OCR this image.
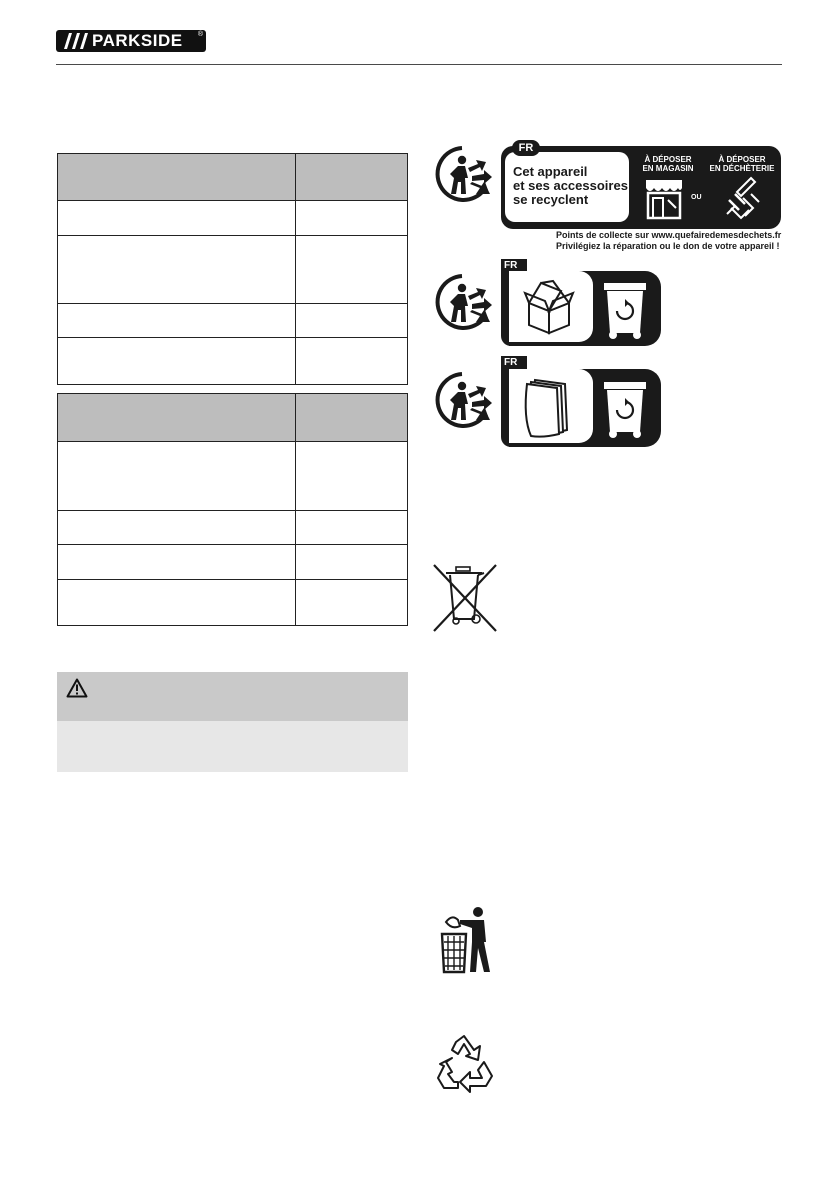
PARKSIDE ®
Cet appareil
et ses accessoires
se recyclent
À DÉPOSER
EN MAGASIN
OU
À DÉPOSER
EN DÉCHÈTERIE
FR
Points de collecte sur www.quefairedemesdechets.fr
Privilégiez la réparation ou le don de votre appareil !
FR
FR
